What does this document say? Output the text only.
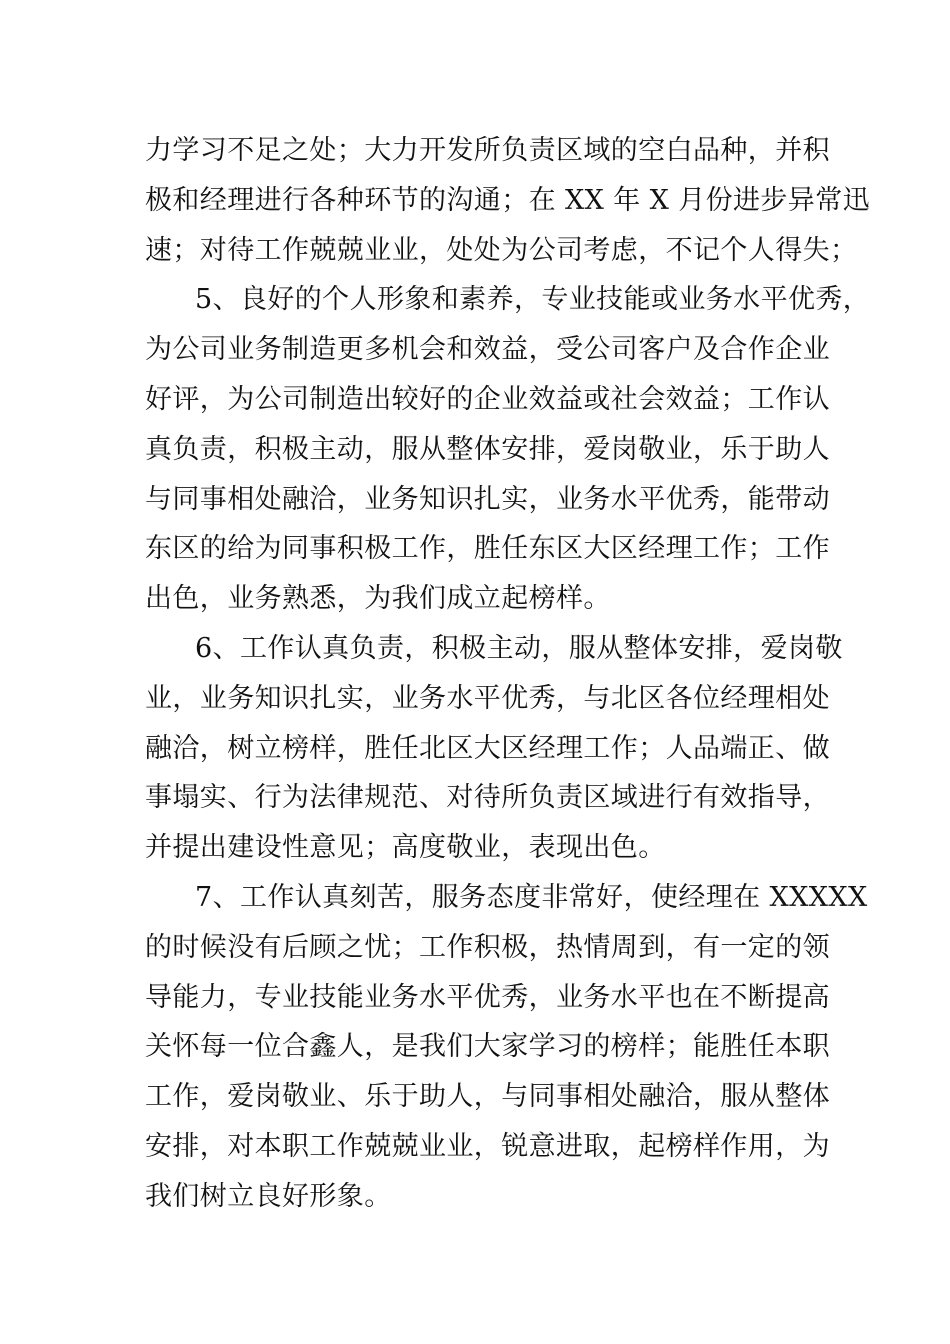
力学习不足之处；大力开发所负责区域的空白品种，并积
极和经理进行各种环节的沟通；在 XX 年 X 月份进步异常迅
速；对待工作兢兢业业，处处为公司考虑，不记个人得失；
5、良好的个人形象和素养，专业技能或业务水平优秀，
为公司业务制造更多机会和效益，受公司客户及合作企业
好评，为公司制造出较好的企业效益或社会效益；工作认
真负责，积极主动，服从整体安排，爱岗敬业，乐于助人
与同事相处融洽，业务知识扎实，业务水平优秀，能带动
东区的给为同事积极工作，胜任东区大区经理工作；工作
出色，业务熟悉，为我们成立起榜样。
6、工作认真负责，积极主动，服从整体安排，爱岗敬
业，业务知识扎实，业务水平优秀，与北区各位经理相处
融洽，树立榜样，胜任北区大区经理工作；人品端正、做
事塌实、行为法律规范、对待所负责区域进行有效指导，
并提出建设性意见；高度敬业，表现出色。
7、工作认真刻苦，服务态度非常好，使经理在 XXXXX
的时候没有后顾之忧；工作积极，热情周到，有一定的领
导能力，专业技能业务水平优秀，业务水平也在不断提高
关怀每一位合鑫人，是我们大家学习的榜样；能胜任本职
工作，爱岗敬业、乐于助人，与同事相处融洽，服从整体
安排，对本职工作兢兢业业，锐意进取，起榜样作用，为
我们树立良好形象。
